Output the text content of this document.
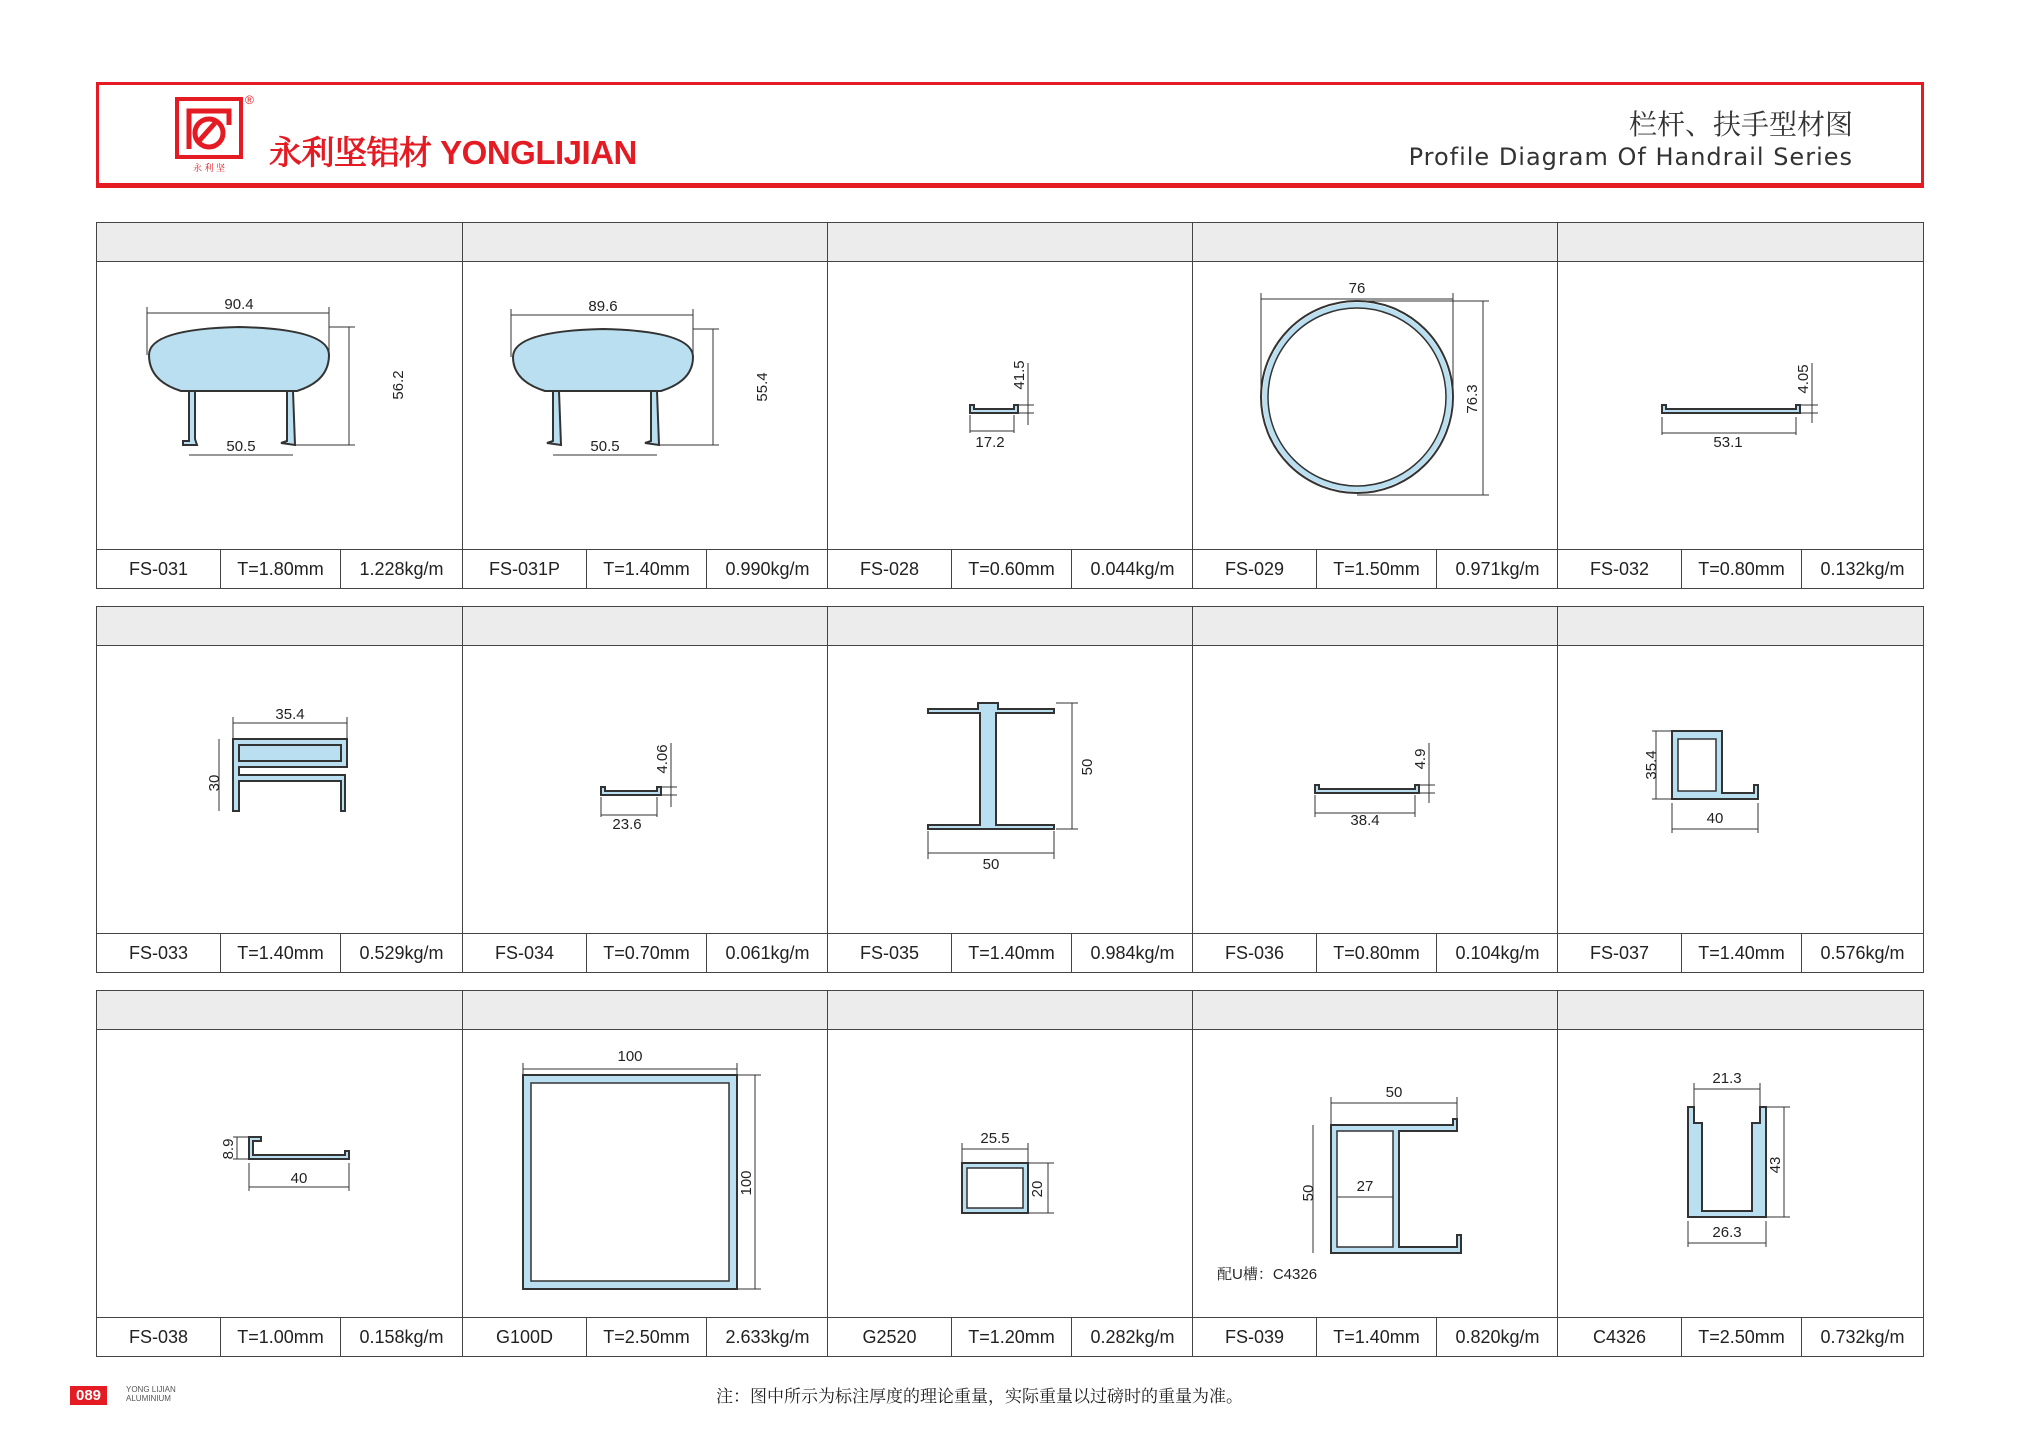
永 利 坚
®
永利坚铝材 YONGLIJIAN
栏杆、扶手型材图
Profile Diagram Of Handrail Series
90.4
56.2
50.5
FS-031	T=1.80mm	1.228kg/m
89.6
55.4
50.5
FS-031P	T=1.40mm	0.990kg/m
17.2
41.5
FS-028	T=0.60mm	0.044kg/m
76
76.3
FS-029	T=1.50mm	0.971kg/m
53.1
4.05
FS-032	T=0.80mm	0.132kg/m
35.4
30
FS-033	T=1.40mm	0.529kg/m
23.6
4.06
FS-034	T=0.70mm	0.061kg/m
50
50
FS-035	T=1.40mm	0.984kg/m
38.4
4.9
FS-036	T=0.80mm	0.104kg/m
35.4
40
FS-037	T=1.40mm	0.576kg/m
8.9
40
FS-038	T=1.00mm	0.158kg/m
100
100
G100D	T=2.50mm	2.633kg/m
25.5
20
G2520	T=1.20mm	0.282kg/m
50
50	27
配U槽：C4326
FS-039	T=1.40mm	0.820kg/m
21.3
43
26.3
C4326	T=2.50mm	0.732kg/m
089	YONG LIJIAN
ALUMINIUM	注：图中所示为标注厚度的理论重量，实际重量以过磅时的重量为准。
